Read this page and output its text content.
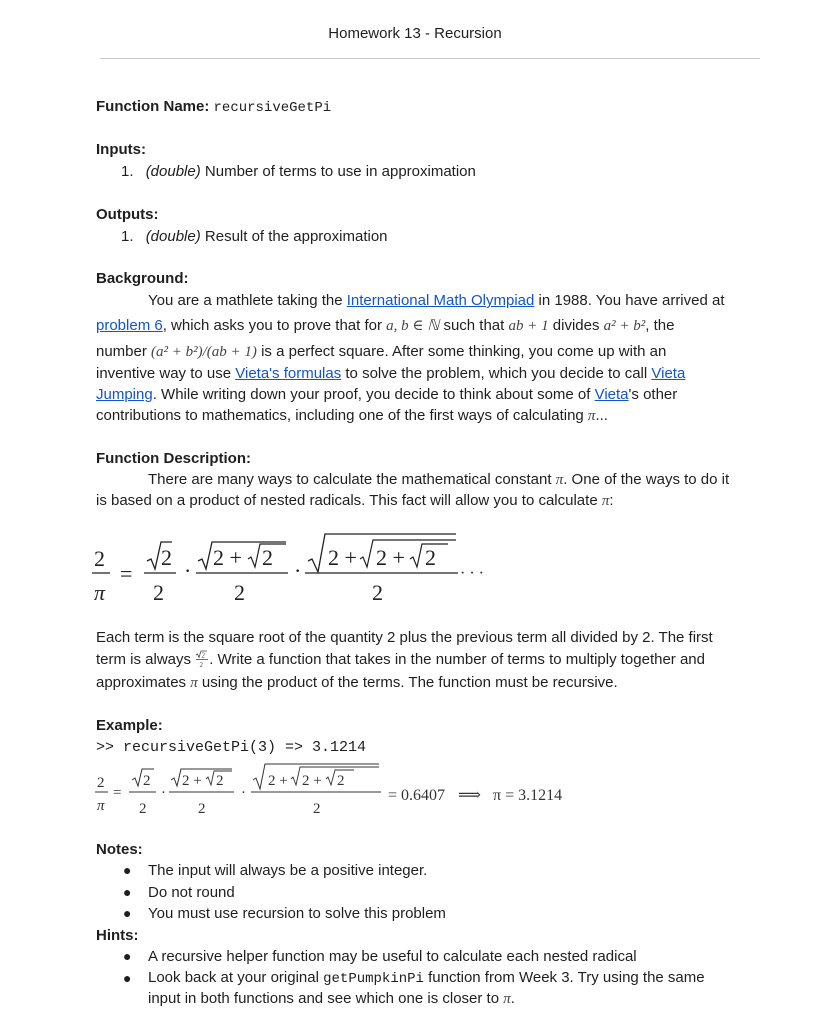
Homework 13 - Recursion
Function Name: recursiveGetPi
Inputs:
1. (double) Number of terms to use in approximation
Outputs:
1. (double) Result of the approximation
Background:
You are a mathlete taking the International Math Olympiad in 1988. You have arrived at
problem 6, which asks you to prove that for a, b ∈ ℕ such that ab + 1 divides a² + b², the
number (a² + b²)/(ab + 1) is a perfect square. After some thinking, you come up with an
inventive way to use Vieta's formulas to solve the problem, which you decide to call Vieta
Jumping. While writing down your proof, you decide to think about some of Vieta's other
contributions to mathematics, including one of the first ways of calculating π...
Function Description:
There are many ways to calculate the mathematical constant π. One of the ways to do it
is based on a product of nested radicals. This fact will allow you to calculate π:
2
π
=
2
2
·
2 + 2
2
·
2 + 2 + 2
2
· · ·
Each term is the square root of the quantity 2 plus the previous term all divided by 2. The first
term is always 2
2 . Write a function that takes in the number of terms to multiply together and
approximates π using the product of the terms. The function must be recursive.
Example:
>> recursiveGetPi(3) => 3.1214
2
π
=
2
2
·
2 + 2
2
·
2 + 2 + 2
2
= 0.6407 ⟹ π = 3.1214
Notes:
● The input will always be a positive integer.
● Do not round
● You must use recursion to solve this problem
Hints:
● A recursive helper function may be useful to calculate each nested radical
● Look back at your original getPumpkinPi function from Week 3. Try using the same
input in both functions and see which one is closer to π.
